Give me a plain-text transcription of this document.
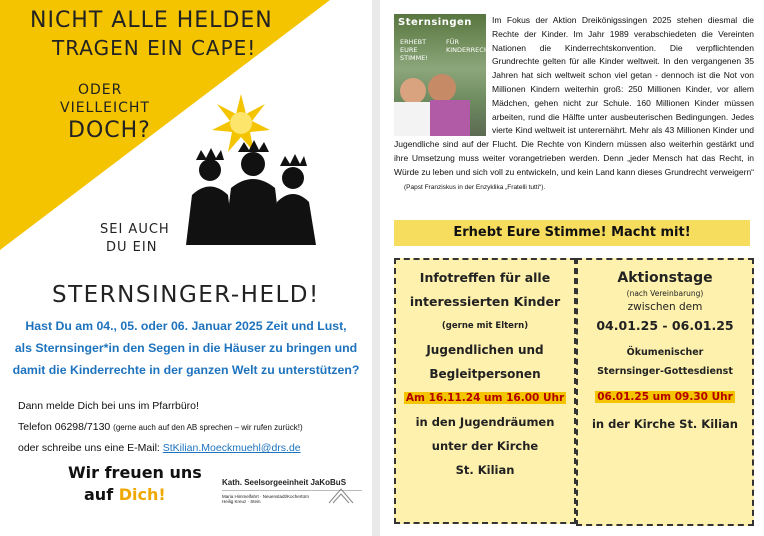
NICHT ALLE HELDEN
TRAGEN EIN CAPE!
ODER
VIELLEICHT
DOCH?
SEI AUCH
DU EIN
STERNSINGER-HELD!
Hast Du am 04., 05. oder 06. Januar 2025 Zeit und Lust,
als Sternsinger*in den Segen in die Häuser zu bringen und
damit die Kinderrechte in der ganzen Welt zu unterstützen?
Dann melde Dich bei uns im Pfarrbüro!
Telefon 06298/7130 (gerne auch auf den AB sprechen – wir rufen zurück!)
oder schreibe uns eine E-Mail: StKilian.Moeckmuehl@drs.de
Wir freuen uns
auf Dich!
Kath. Seelsorgeeinheit JaKoBuS
Maria Himmelfahrt · Neuenstadt/Kochertürn
Heilig Kreuz · Stein
Sternsingen
ERHEBT EURE STIMME!
FÜR KINDERRECHTE
Im Fokus der Aktion Dreikönigssingen 2025 stehen diesmal die Rechte der Kinder. Im Jahr 1989 verabschiedeten die Vereinten Nationen die Kinderrechtskonvention. Die verpflichtenden Grundrechte gelten für alle Kinder weltweit. In den vergangenen 35 Jahren hat sich weltweit schon viel getan - dennoch ist die Not von Millionen Kindern weiterhin groß: 250 Millionen Kinder, vor allem Mädchen, gehen nicht zur Schule. 160 Millionen Kinder müssen arbeiten, rund die Hälfte unter ausbeuterischen Bedingungen. Jedes vierte Kind weltweit ist unterernährt. Mehr als 43 Millionen Kinder und Jugendliche sind auf der Flucht. Die Rechte von Kindern müssen also weiterhin gestärkt und ihre Umsetzung muss weiter vorangetrieben werden. Denn „jeder Mensch hat das Recht, in Würde zu leben und sich voll zu entwickeln, und kein Land kann dieses Grundrecht verweigern“ (Papst Franziskus in der Enzyklika „Fratelli tutti“).
Erhebt Eure Stimme! Macht mit!
Infotreffen für alle
interessierten Kinder
(gerne mit Eltern)
Jugendlichen und
Begleitpersonen
Am 16.11.24 um 16.00 Uhr
in den Jugendräumen
unter der Kirche
St. Kilian
Aktionstage
(nach Vereinbarung)
zwischen dem
04.01.25 - 06.01.25
Ökumenischer
Sternsinger-Gottesdienst
06.01.25 um 09.30 Uhr
in der Kirche St. Kilian
